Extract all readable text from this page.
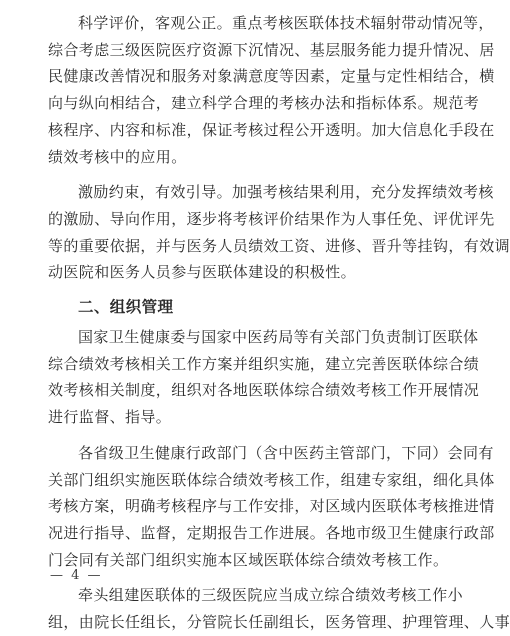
科学评价，客观公正。重点考核医联体技术辐射带动情况等，
综合考虑三级医院医疗资源下沉情况、基层服务能力提升情况、居
民健康改善情况和服务对象满意度等因素，定量与定性相结合，横
向与纵向相结合，建立科学合理的考核办法和指标体系。规范考
核程序、内容和标准，保证考核过程公开透明。加大信息化手段在
绩效考核中的应用。

激励约束，有效引导。加强考核结果利用，充分发挥绩效考核
的激励、导向作用，逐步将考核评价结果作为人事任免、评优评先
等的重要依据，并与医务人员绩效工资、进修、晋升等挂钩，有效调
动医院和医务人员参与医联体建设的积极性。

二、组织管理

国家卫生健康委与国家中医药局等有关部门负责制订医联体
综合绩效考核相关工作方案并组织实施，建立完善医联体综合绩
效考核相关制度，组织对各地医联体综合绩效考核工作开展情况
进行监督、指导。

各省级卫生健康行政部门（含中医药主管部门，下同）会同有
关部门组织实施医联体综合绩效考核工作，组建专家组，细化具体
考核方案，明确考核程序与工作安排，对区域内医联体考核推进情
况进行指导、监督，定期报告工作进展。各地市级卫生健康行政部
门会同有关部门组织实施本区域医联体综合绩效考核工作。

牵头组建医联体的三级医院应当成立综合绩效考核工作小
组，由院长任组长，分管院长任副组长，医务管理、护理管理、人事

— 4 —
